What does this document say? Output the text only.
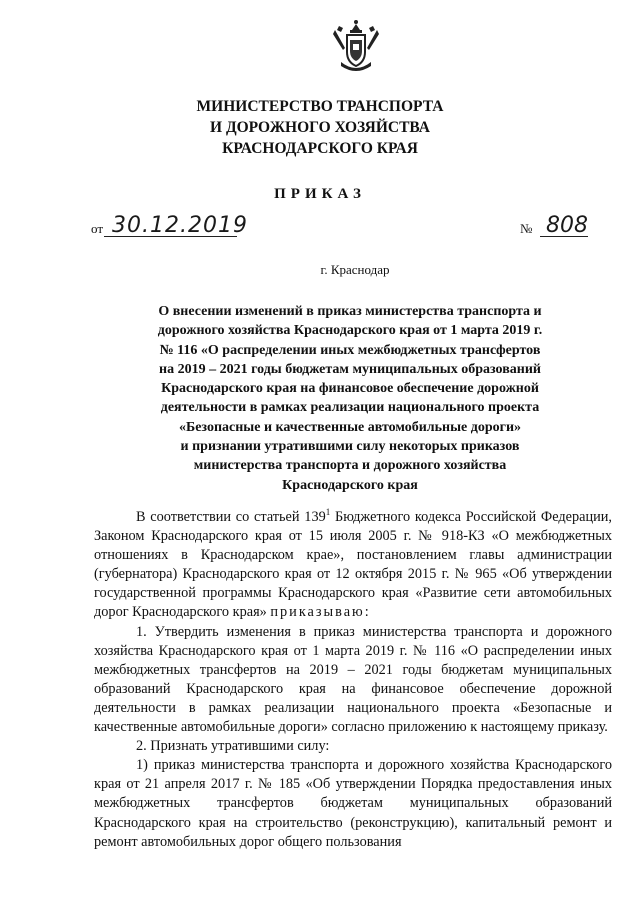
МИНИСТЕРСТВО ТРАНСПОРТА
И ДОРОЖНОГО ХОЗЯЙСТВА
КРАСНОДАРСКОГО КРАЯ
ПРИКАЗ
от 30.12.2019	№ 808
г. Краснодар
О внесении изменений в приказ министерства транспорта и
дорожного хозяйства Краснодарского края от 1 марта 2019 г.
№ 116 «О распределении иных межбюджетных трансфертов
на 2019 – 2021 годы бюджетам муниципальных образований
Краснодарского края на финансовое обеспечение дорожной
деятельности в рамках реализации национального проекта
«Безопасные и качественные автомобильные дороги»
и признании утратившими силу некоторых приказов
министерства транспорта и дорожного хозяйства
Краснодарского края

В соответствии со статьей $139^1$ Бюджетного кодекса Российской Федерации, Законом Краснодарского края от 15 июля 2005 г. № 918-КЗ «О межбюджетных отношениях в Краснодарском крае», постановлением главы администрации (губернатора) Краснодарского края от 12 октября 2015 г. № 965 «Об утверждении государственной программы Краснодарского края «Развитие сети автомобильных дорог Краснодарского края» приказываю:

1. Утвердить изменения в приказ министерства транспорта и дорожного хозяйства Краснодарского края от 1 марта 2019 г. № 116 «О распределении иных межбюджетных трансфертов на 2019 – 2021 годы бюджетам муниципальных образований Краснодарского края на финансовое обеспечение дорожной деятельности в рамках реализации национального проекта «Безопасные и качественные автомобильные дороги» согласно приложению к настоящему приказу.

2. Признать утратившими силу:

1) приказ министерства транспорта и дорожного хозяйства Краснодарского края от 21 апреля 2017 г. № 185 «Об утверждении Порядка предоставления иных межбюджетных трансфертов бюджетам муниципальных образований Краснодарского края на строительство (реконструкцию), капитальный ремонт и ремонт автомобильных дорог общего пользования
